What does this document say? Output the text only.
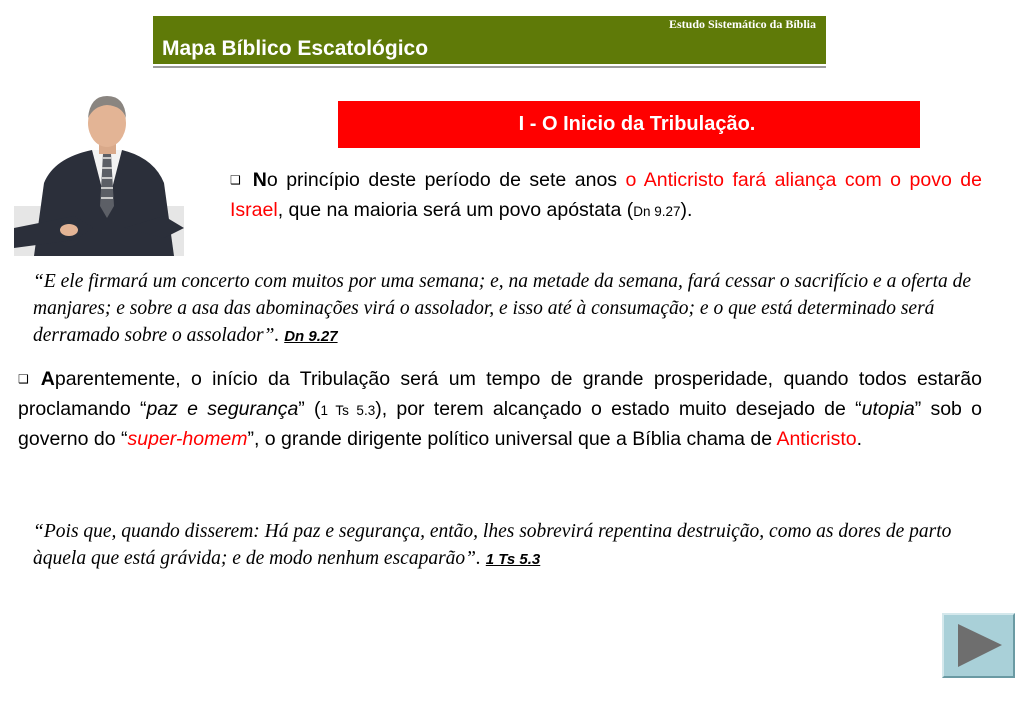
Estudo Sistemático da Bíblia
Mapa Bíblico Escatológico
I - O Inicio da Tribulação.
❑ No princípio deste período de sete anos o Anticristo fará aliança com o povo de Israel, que na maioria será um povo apóstata (Dn 9.27).
“E ele firmará um concerto com muitos por uma semana; e, na metade da semana, fará cessar o sacrifício e a oferta de manjares; e sobre a asa das abominações virá o assolador, e isso até à consumação; e o que está determinado será derramado sobre o assolador”. Dn 9.27
❑ Aparentemente, o início da Tribulação será um tempo de grande prosperidade, quando todos estarão proclamando “paz e segurança” (1 Ts 5.3), por terem alcançado o estado muito desejado de “utopia” sob o governo do “super-homem”, o grande dirigente político universal que a Bíblia chama de Anticristo.
“Pois que, quando disserem: Há paz e segurança, então, lhes sobrevirá repentina destruição, como as dores de parto àquela que está grávida; e de modo nenhum escaparão”. 1 Ts 5.3
